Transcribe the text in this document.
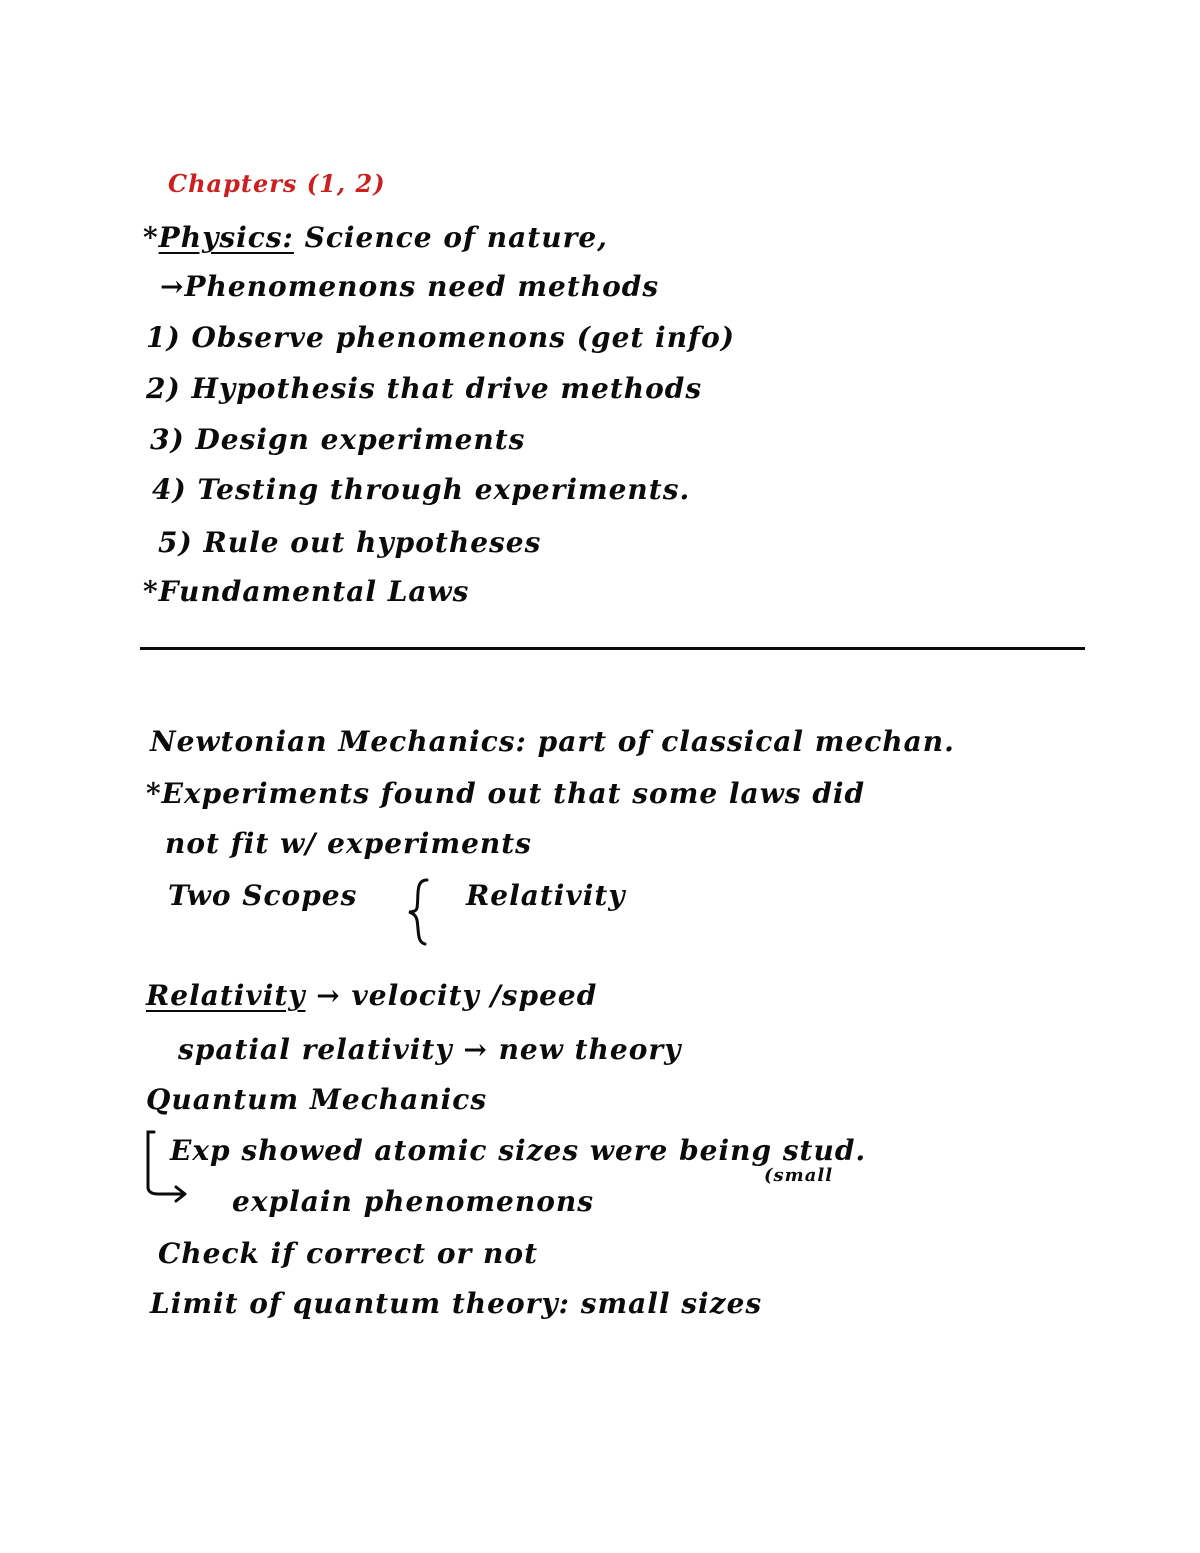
Chapters (1, 2)
*Physics: Science of nature,
→Phenomenons need methods
1) Observe phenomenons (get info)
2) Hypothesis that drive methods
3) Design experiments
4) Testing through experiments.
5) Rule out hypotheses
*Fundamental Laws
Newtonian Mechanics: part of classical mechan.
*Experiments found out that some laws did
not fit w/ experiments
Two Scopes	Relativity
Relativity → velocity /speed
spatial relativity → new theory
Quantum Mechanics
Exp showed atomic sizes were being stud.
(small
explain phenomenons
Check if correct or not
Limit of quantum theory: small sizes
